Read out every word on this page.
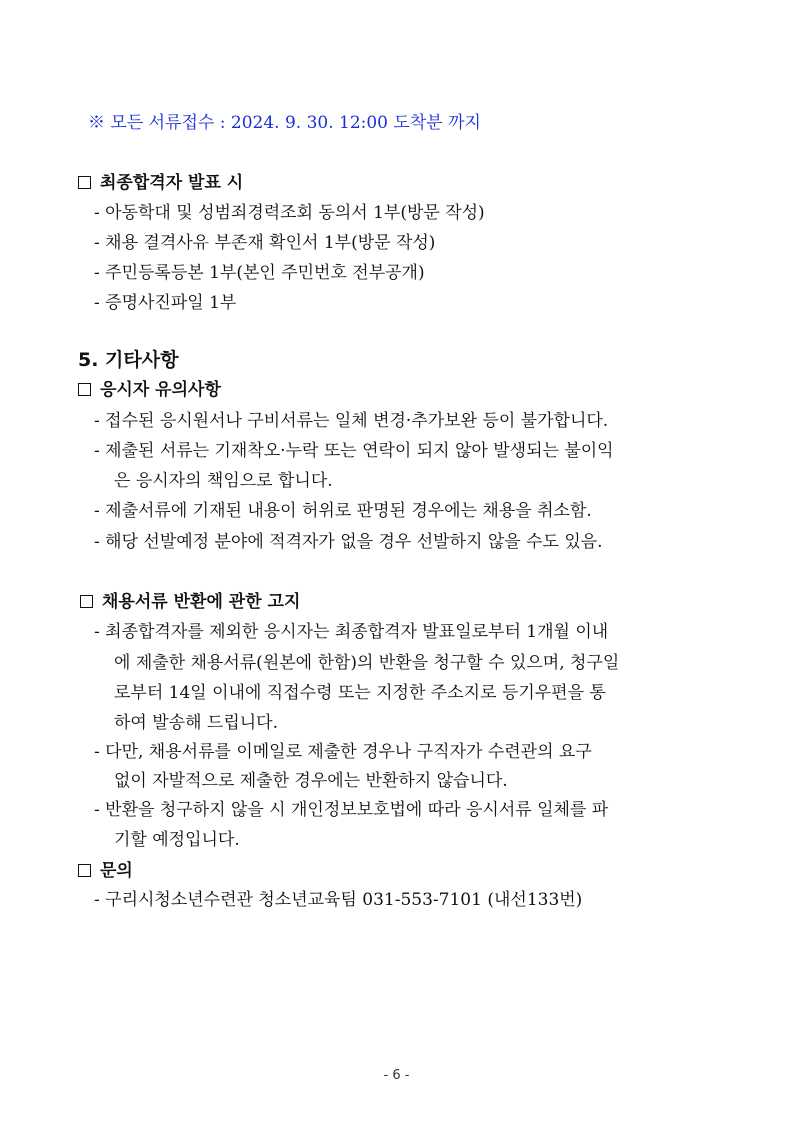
※ 모든 서류접수 : 2024. 9. 30. 12:00 도착분 까지
최종합격자 발표 시
- 아동학대 및 성범죄경력조회 동의서 1부(방문 작성)
- 채용 결격사유 부존재 확인서 1부(방문 작성)
- 주민등록등본 1부(본인 주민번호 전부공개)
- 증명사진파일 1부
5. 기타사항
응시자 유의사항
- 접수된 응시원서나 구비서류는 일체 변경·추가보완 등이 불가합니다.
- 제출된 서류는 기재착오·누락 또는 연락이 되지 않아 발생되는 불이익
은 응시자의 책임으로 합니다.
- 제출서류에 기재된 내용이 허위로 판명된 경우에는 채용을 취소함.
- 해당 선발예정 분야에 적격자가 없을 경우 선발하지 않을 수도 있음.
채용서류 반환에 관한 고지
- 최종합격자를 제외한 응시자는 최종합격자 발표일로부터 1개월 이내
에 제출한 채용서류(원본에 한함)의 반환을 청구할 수 있으며, 청구일
로부터 14일 이내에 직접수령 또는 지정한 주소지로 등기우편을 통
하여 발송해 드립니다.
- 다만, 채용서류를 이메일로 제출한 경우나 구직자가 수련관의 요구
없이 자발적으로 제출한 경우에는 반환하지 않습니다.
- 반환을 청구하지 않을 시 개인정보보호법에 따라 응시서류 일체를 파
기할 예정입니다.
문의
- 구리시청소년수련관 청소년교육팀 031-553-7101 (내선133번)
- 6 -
